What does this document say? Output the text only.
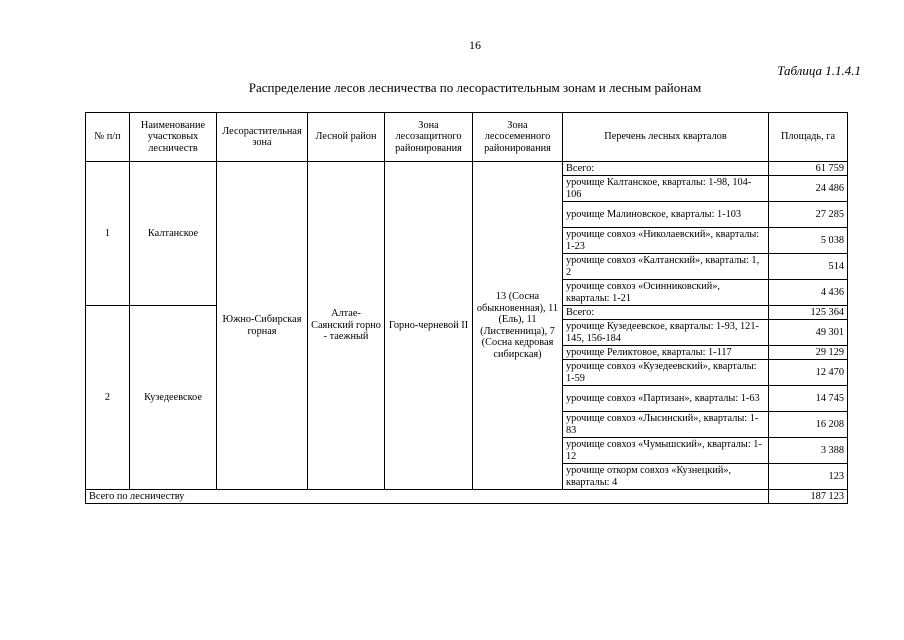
16
Таблица 1.1.4.1
Распределение лесов лесничества по лесорастительным зонам и лесным районам
№ п/п	Наименование участковых лесничеств	Лесорастительная зона	Лесной район	Зона лесозащитного районирования	Зона лесосеменного районирования	Перечень лесных кварталов	Площадь, га
1	Калтанское	Южно-Сибирская горная	Алтае-Саянский горно - таежный	Горно-черневой II	13 (Сосна обыкновенная), 11 (Ель), 11 (Лиственница), 7 (Сосна кедровая сибирская)	Всего:	61 759
						урочище Калтанское, кварталы: 1-98, 104-106	24 486
						урочище Малиновское, кварталы: 1-103	27 285
						урочище совхоз «Николаевский», кварталы: 1-23	5 038
						урочище совхоз «Калтанский», кварталы: 1, 2	514
						урочище совхоз «Осинниковский», кварталы: 1-21	4 436
2	Кузедеевское					Всего:	125 364
						урочище Кузедеевское, кварталы: 1-93, 121-145, 156-184	49 301
						урочище Реликтовое, кварталы: 1-117	29 129
						урочище совхоз «Кузедеевский», кварталы: 1-59	12 470
						урочище совхоз «Партизан», кварталы: 1-63	14 745
						урочище совхоз «Лысинский», кварталы: 1-83	16 208
						урочище совхоз «Чумышский», кварталы: 1-12	3 388
						урочище откорм совхоз «Кузнецкий», кварталы: 4	123
Всего по лесничеству							187 123
